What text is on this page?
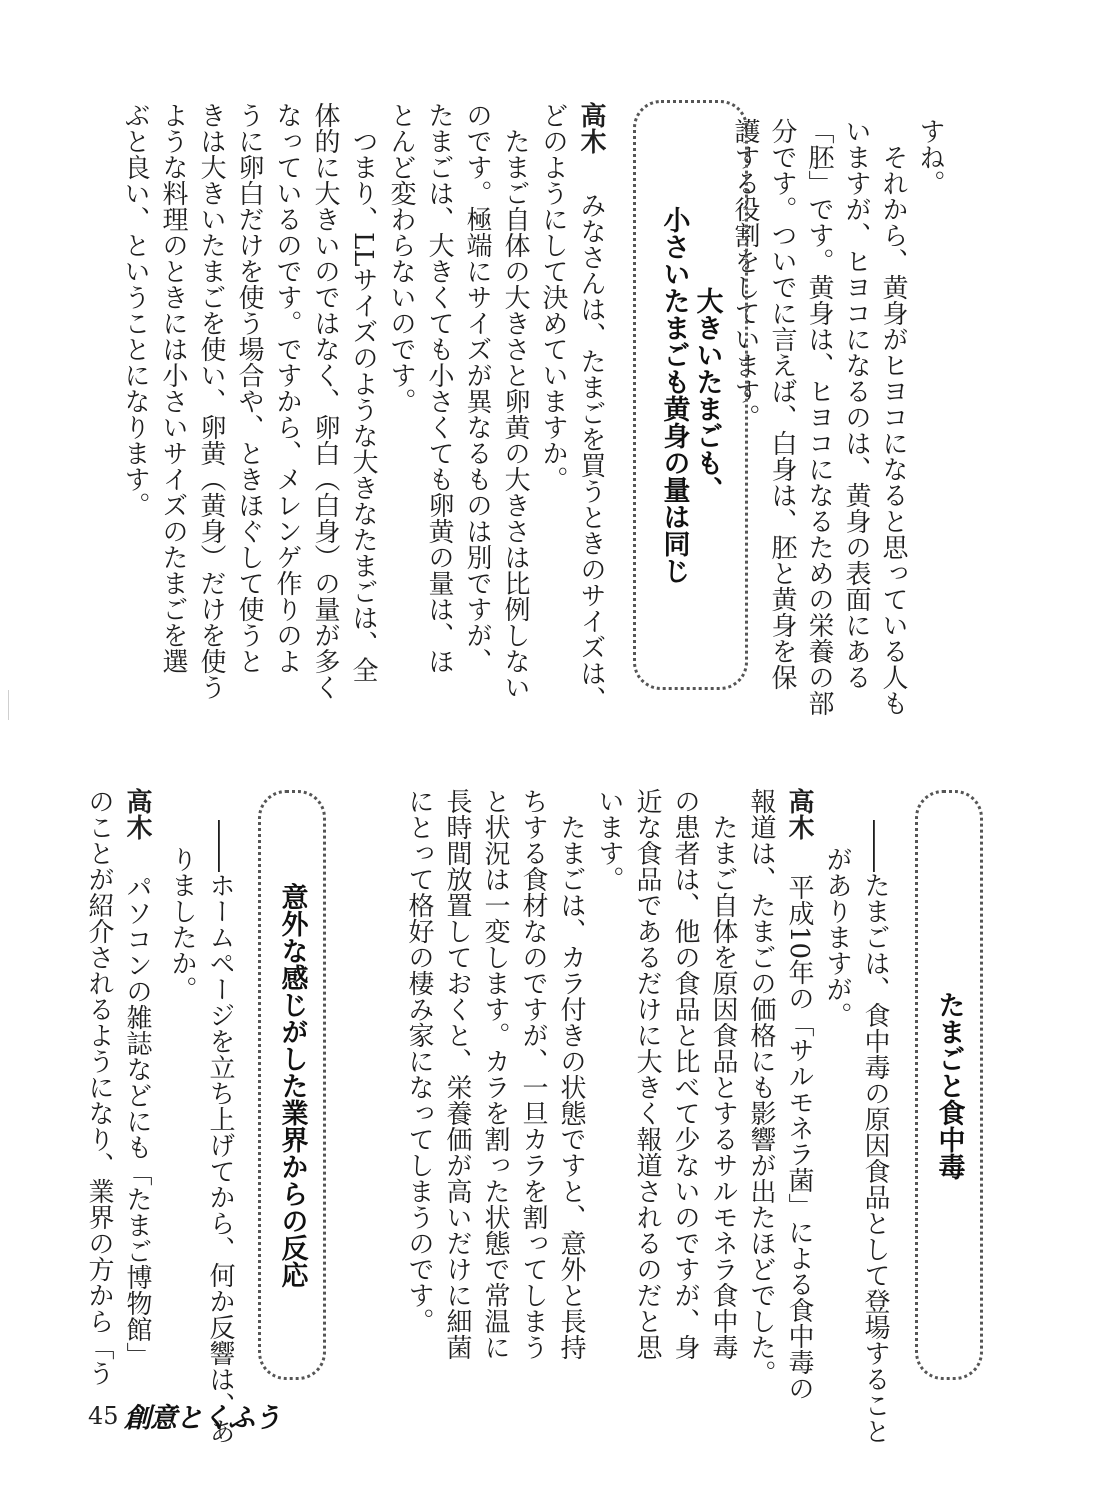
すね。
　それから、黄身がヒヨコになると思っている人も
いますが、ヒヨコになるのは、黄身の表面にある
「胚」です。黄身は、ヒヨコになるための栄養の部
分です。ついでに言えば、白身は、胚と黄身を保
護する役割をしています。
大きいたまごも、
小さいたまごも黄身の量は同じ
高木
　みなさんは、たまごを買うときのサイズは、
どのようにして決めていますか。
　たまご自体の大きさと卵黄の大きさは比例しない
のです。極端にサイズが異なるものは別ですが、
たまごは、大きくても小さくても卵黄の量は、ほ
とんど変わらないのです。
　つまり、LLサイズのような大きなたまごは、全
体的に大きいのではなく、卵白（白身）の量が多く
なっているのです。ですから、メレンゲ作りのよ
うに卵白だけを使う場合や、ときほぐして使うと
きは大きいたまごを使い、卵黄（黄身）だけを使う
ような料理のときには小さいサイズのたまごを選
ぶと良い、ということになります。
たまごと食中毒
――たまごは、食中毒の原因食品として登場すること
　がありますが。
高木
　平成10年の「サルモネラ菌」による食中毒の
報道は、たまごの価格にも影響が出たほどでした。
　たまご自体を原因食品とするサルモネラ食中毒
の患者は、他の食品と比べて少ないのですが、身
近な食品であるだけに大きく報道されるのだと思
います。
　たまごは、カラ付きの状態ですと、意外と長持
ちする食材なのですが、一旦カラを割ってしまう
と状況は一変します。カラを割った状態で常温に
長時間放置しておくと、栄養価が高いだけに細菌
にとって格好の棲み家になってしまうのです。
意外な感じがした業界からの反応
――ホームページを立ち上げてから、何か反響は、あ
　りましたか。
高木
　パソコンの雑誌などにも「たまご博物館」
のことが紹介されるようになり、業界の方から「う
45 創意とくふう
